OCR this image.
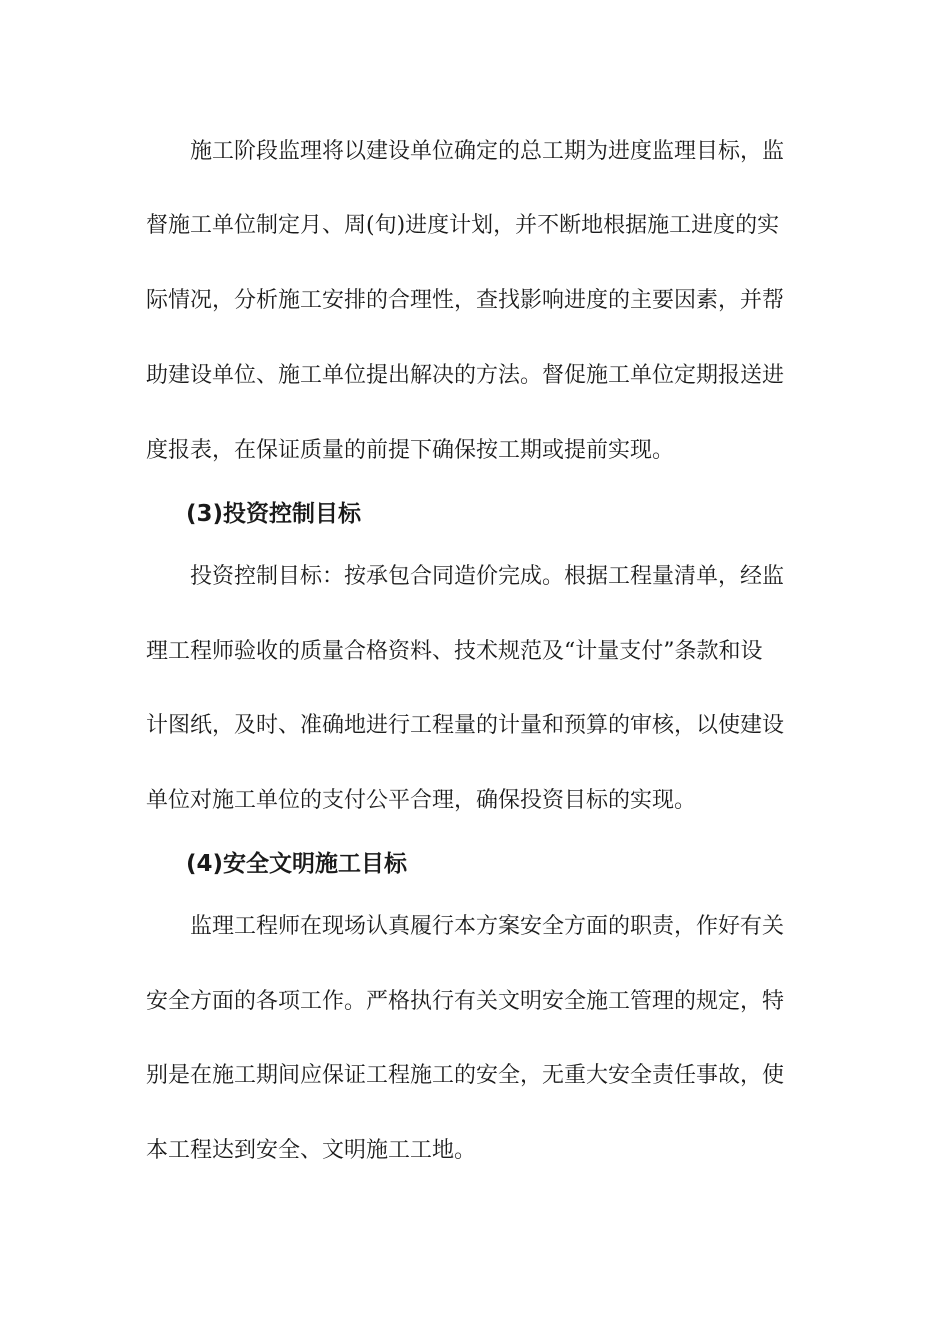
施工阶段监理将以建设单位确定的总工期为进度监理目标，监

督施工单位制定月、周(旬)进度计划，并不断地根据施工进度的实

际情况，分析施工安排的合理性，查找影响进度的主要因素，并帮

助建设单位、施工单位提出解决的方法。督促施工单位定期报送进

度报表，在保证质量的前提下确保按工期或提前实现。

(3)投资控制目标

投资控制目标：按承包合同造价完成。根据工程量清单，经监

理工程师验收的质量合格资料、技术规范及“计量支付”条款和设

计图纸，及时、准确地进行工程量的计量和预算的审核，以使建设

单位对施工单位的支付公平合理，确保投资目标的实现。

(4)安全文明施工目标

监理工程师在现场认真履行本方案安全方面的职责，作好有关

安全方面的各项工作。严格执行有关文明安全施工管理的规定，特

别是在施工期间应保证工程施工的安全，无重大安全责任事故，使

本工程达到安全、文明施工工地。
